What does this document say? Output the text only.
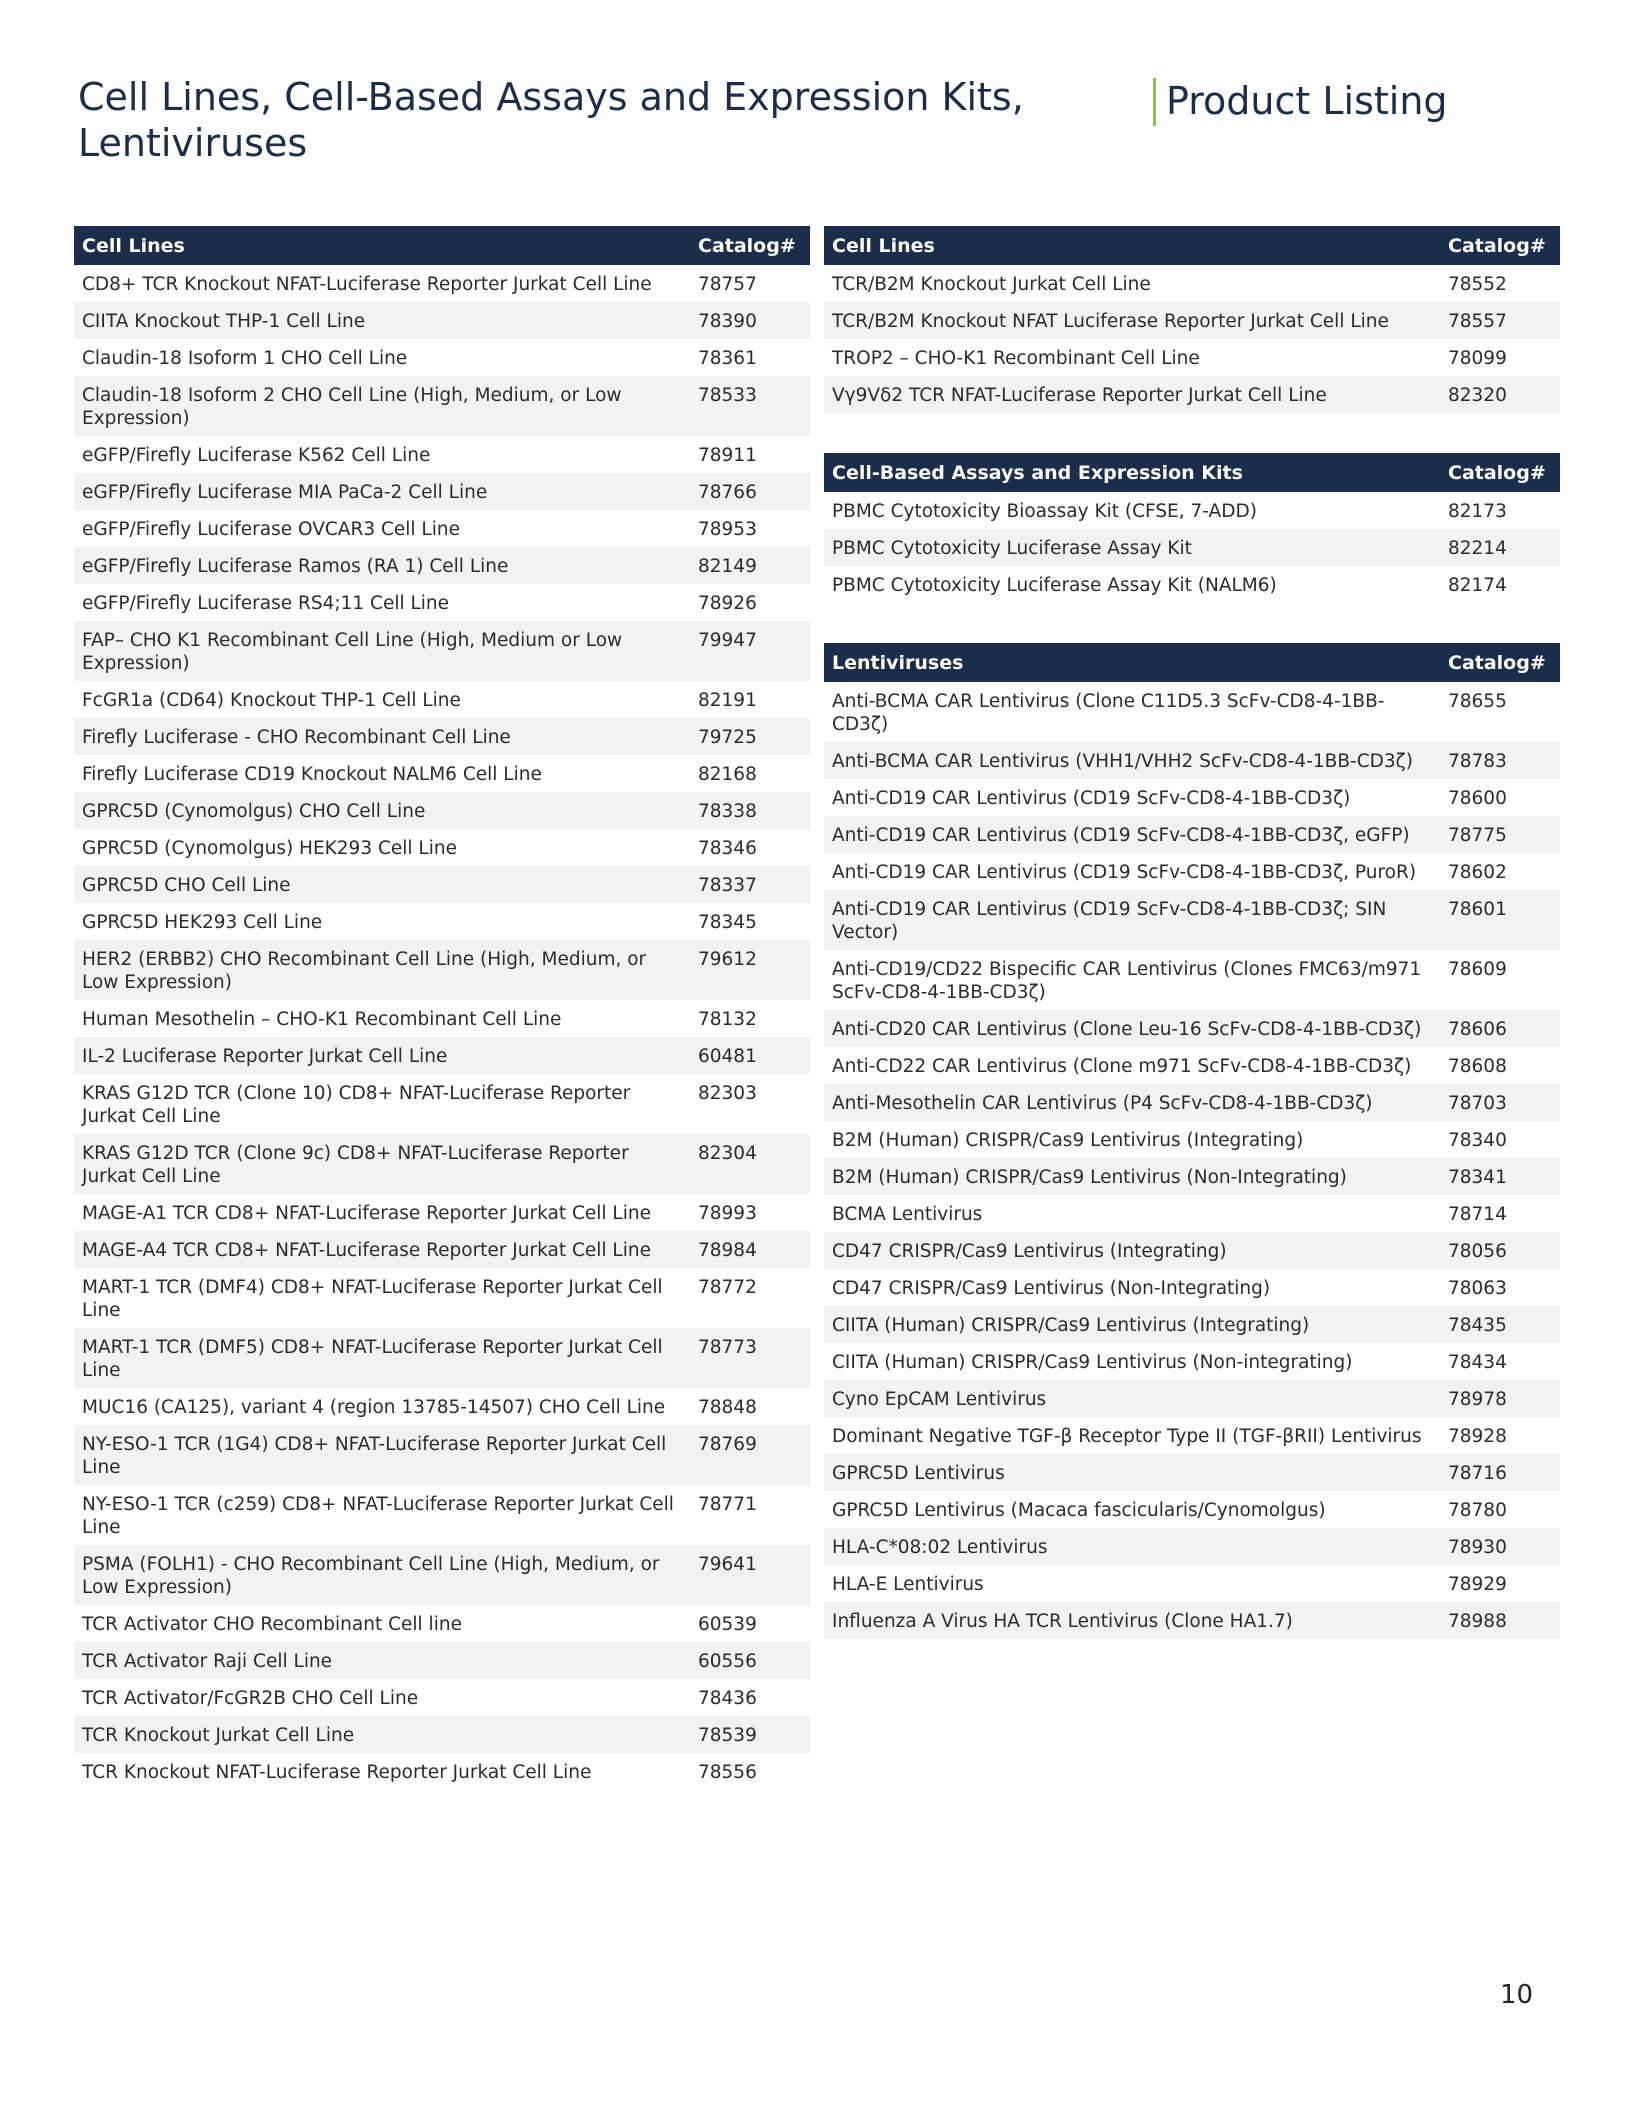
Cell Lines, Cell-Based Assays and Expression Kits,
Lentiviruses
Product Listing
Cell Lines	Catalog#
CD8+ TCR Knockout NFAT-Luciferase Reporter Jurkat Cell Line	78757
CIITA Knockout THP-1 Cell Line	78390
Claudin-18 Isoform 1 CHO Cell Line	78361
Claudin-18 Isoform 2 CHO Cell Line (High, Medium, or Low Expression)	78533
eGFP/Firefly Luciferase K562 Cell Line	78911
eGFP/Firefly Luciferase MIA PaCa-2 Cell Line	78766
eGFP/Firefly Luciferase OVCAR3 Cell Line	78953
eGFP/Firefly Luciferase Ramos (RA 1) Cell Line	82149
eGFP/Firefly Luciferase RS4;11 Cell Line	78926
FAP– CHO K1 Recombinant Cell Line (High, Medium or Low Expression)	79947
FcGR1a (CD64) Knockout THP-1 Cell Line	82191
Firefly Luciferase - CHO Recombinant Cell Line	79725
Firefly Luciferase CD19 Knockout NALM6 Cell Line	82168
GPRC5D (Cynomolgus) CHO Cell Line	78338
GPRC5D (Cynomolgus) HEK293 Cell Line	78346
GPRC5D CHO Cell Line	78337
GPRC5D HEK293 Cell Line	78345
HER2 (ERBB2) CHO Recombinant Cell Line (High, Medium, or Low Expression)	79612
Human Mesothelin – CHO-K1 Recombinant Cell Line	78132
IL-2 Luciferase Reporter Jurkat Cell Line	60481
KRAS G12D TCR (Clone 10) CD8+ NFAT-Luciferase Reporter Jurkat Cell Line	82303
KRAS G12D TCR (Clone 9c) CD8+ NFAT-Luciferase Reporter Jurkat Cell Line	82304
MAGE-A1 TCR CD8+ NFAT-Luciferase Reporter Jurkat Cell Line	78993
MAGE-A4 TCR CD8+ NFAT-Luciferase Reporter Jurkat Cell Line	78984
MART-1 TCR (DMF4) CD8+ NFAT-Luciferase Reporter Jurkat Cell Line	78772
MART-1 TCR (DMF5) CD8+ NFAT-Luciferase Reporter Jurkat Cell Line	78773
MUC16 (CA125), variant 4 (region 13785-14507) CHO Cell Line	78848
NY-ESO-1 TCR (1G4) CD8+ NFAT-Luciferase Reporter Jurkat Cell Line	78769
NY-ESO-1 TCR (c259) CD8+ NFAT-Luciferase Reporter Jurkat Cell Line	78771
PSMA (FOLH1) - CHO Recombinant Cell Line (High, Medium, or Low Expression)	79641
TCR Activator CHO Recombinant Cell line	60539
TCR Activator Raji Cell Line	60556
TCR Activator/FcGR2B CHO Cell Line	78436
TCR Knockout Jurkat Cell Line	78539
TCR Knockout NFAT-Luciferase Reporter Jurkat Cell Line	78556
Cell Lines	Catalog#
TCR/B2M Knockout Jurkat Cell Line	78552
TCR/B2M Knockout NFAT Luciferase Reporter Jurkat Cell Line	78557
TROP2 – CHO-K1 Recombinant Cell Line	78099
Vγ9Vδ2 TCR NFAT-Luciferase Reporter Jurkat Cell Line	82320
Cell-Based Assays and Expression Kits	Catalog#
PBMC Cytotoxicity Bioassay Kit (CFSE, 7-ADD)	82173
PBMC Cytotoxicity Luciferase Assay Kit	82214
PBMC Cytotoxicity Luciferase Assay Kit (NALM6)	82174
Lentiviruses	Catalog#
Anti-BCMA CAR Lentivirus (Clone C11D5.3 ScFv-CD8-4-1BB-CD3ζ)	78655
Anti-BCMA CAR Lentivirus (VHH1/VHH2 ScFv-CD8-4-1BB-CD3ζ)	78783
Anti-CD19 CAR Lentivirus (CD19 ScFv-CD8-4-1BB-CD3ζ)	78600
Anti-CD19 CAR Lentivirus (CD19 ScFv-CD8-4-1BB-CD3ζ, eGFP)	78775
Anti-CD19 CAR Lentivirus (CD19 ScFv-CD8-4-1BB-CD3ζ, PuroR)	78602
Anti-CD19 CAR Lentivirus (CD19 ScFv-CD8-4-1BB-CD3ζ; SIN Vector)	78601
Anti-CD19/CD22 Bispecific CAR Lentivirus (Clones FMC63/m971 ScFv-CD8-4-1BB-CD3ζ)	78609
Anti-CD20 CAR Lentivirus (Clone Leu-16 ScFv-CD8-4-1BB-CD3ζ)	78606
Anti-CD22 CAR Lentivirus (Clone m971 ScFv-CD8-4-1BB-CD3ζ)	78608
Anti-Mesothelin CAR Lentivirus (P4 ScFv-CD8-4-1BB-CD3ζ)	78703
B2M (Human) CRISPR/Cas9 Lentivirus (Integrating)	78340
B2M (Human) CRISPR/Cas9 Lentivirus (Non-Integrating)	78341
BCMA Lentivirus	78714
CD47 CRISPR/Cas9 Lentivirus (Integrating)	78056
CD47 CRISPR/Cas9 Lentivirus (Non-Integrating)	78063
CIITA (Human) CRISPR/Cas9 Lentivirus (Integrating)	78435
CIITA (Human) CRISPR/Cas9 Lentivirus (Non-integrating)	78434
Cyno EpCAM Lentivirus	78978
Dominant Negative TGF-β Receptor Type II (TGF-βRII) Lentivirus	78928
GPRC5D Lentivirus	78716
GPRC5D Lentivirus (Macaca fascicularis/Cynomolgus)	78780
HLA-C*08:02 Lentivirus	78930
HLA-E Lentivirus	78929
Influenza A Virus HA TCR Lentivirus (Clone HA1.7)	78988
10
